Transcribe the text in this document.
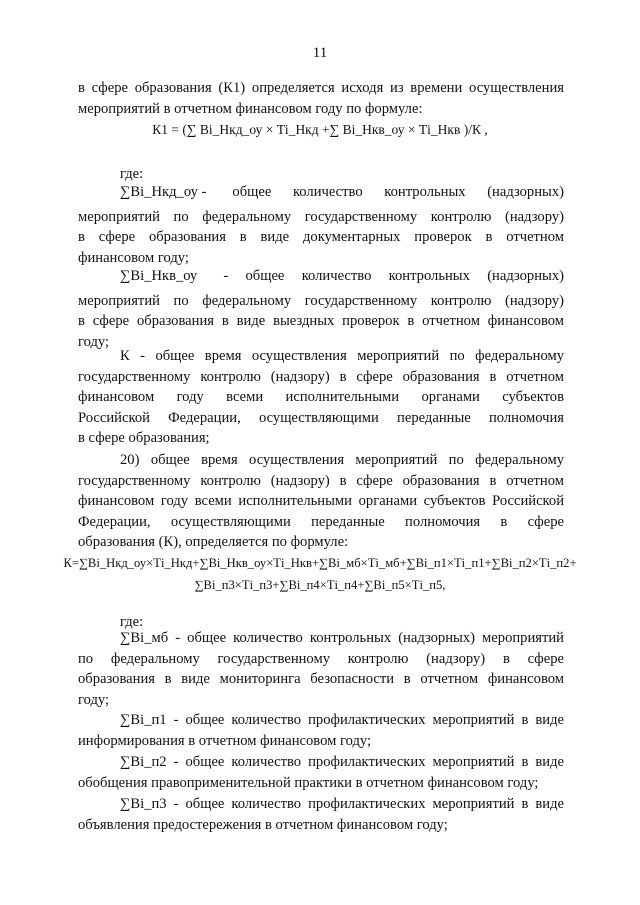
11
в сфере образования (К1) определяется исходя из времени осуществления
мероприятий в отчетном финансовом году по формуле:
К1 = (∑ Вi_Нкд_оу × Тi_Нкд +∑ Вi_Нкв_оу × Тi_Нкв )/К ,
где:
∑Вi_Нкд_оу - общее количество контрольных (надзорных)
мероприятий по федеральному государственному контролю (надзору)
в сфере образования в виде документарных проверок в отчетном
финансовом году;
∑Вi_Нкв_оу - общее количество контрольных (надзорных)
мероприятий по федеральному государственному контролю (надзору)
в сфере образования в виде выездных проверок в отчетном финансовом
году;
К - общее время осуществления мероприятий по федеральному
государственному контролю (надзору) в сфере образования в отчетном
финансовом году всеми исполнительными органами субъектов
Российской Федерации, осуществляющими переданные полномочия
в сфере образования;
20) общее время осуществления мероприятий по федеральному
государственному контролю (надзору) в сфере образования в отчетном
финансовом году всеми исполнительными органами субъектов Российской
Федерации, осуществляющими переданные полномочия в сфере
образования (К), определяется по формуле:
К=∑Вi_Нкд_оу×Тi_Нкд+∑Вi_Нкв_оу×Тi_Нкв+∑Вi_мб×Тi_мб+∑Вi_п1×Тi_п1+∑Вi_п2×Тi_п2+
∑Вi_п3×Тi_п3+∑Вi_п4×Тi_п4+∑Вi_п5×Тi_п5,
где:
∑Вi_мб - общее количество контрольных (надзорных) мероприятий
по федеральному государственному контролю (надзору) в сфере
образования в виде мониторинга безопасности в отчетном финансовом
году;
∑Вi_п1 - общее количество профилактических мероприятий в виде
информирования в отчетном финансовом году;
∑Вi_п2 - общее количество профилактических мероприятий в виде
обобщения правоприменительной практики в отчетном финансовом году;
∑Вi_п3 - общее количество профилактических мероприятий в виде
объявления предостережения в отчетном финансовом году;
